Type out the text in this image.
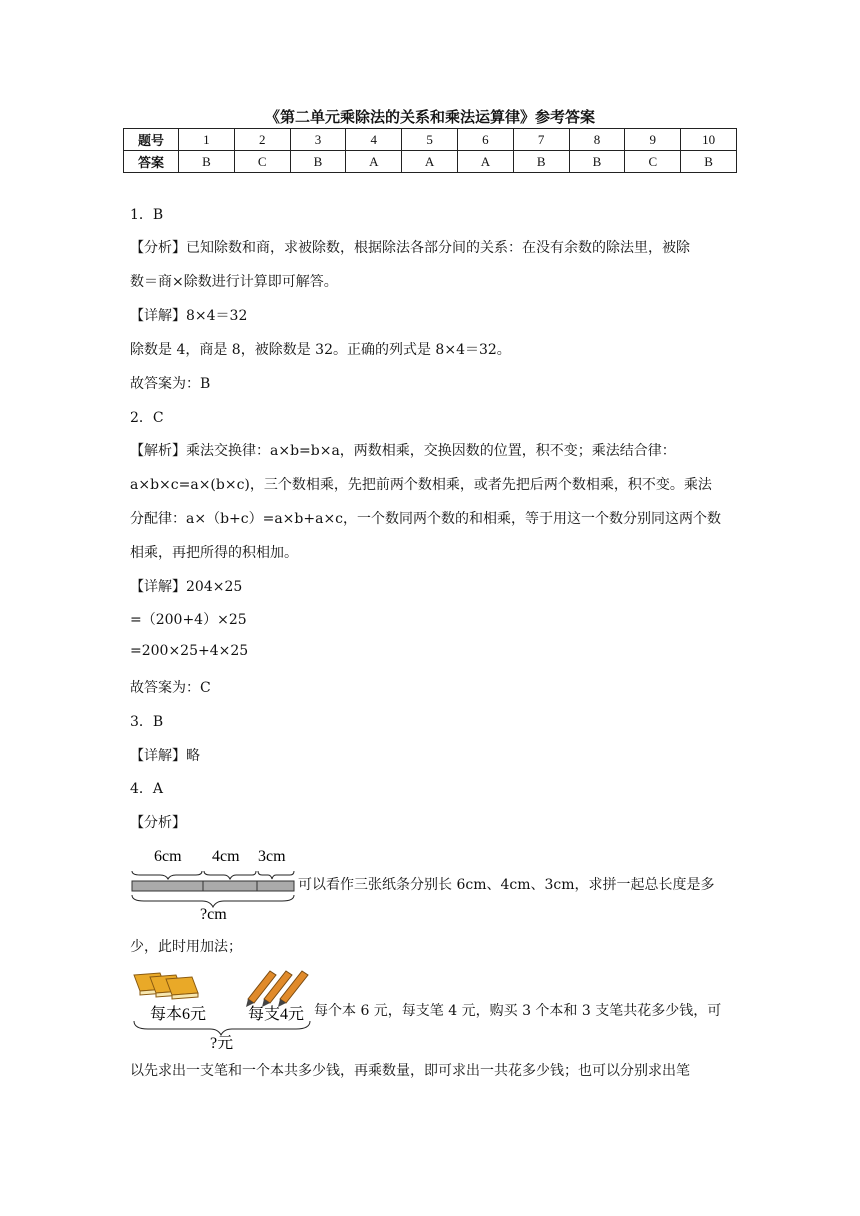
《第二单元乘除法的关系和乘法运算律》参考答案
题号	1	2	3	4	5	6	7	8	9	10
答案	B	C	B	A	A	A	B	B	C	B
1．B
【分析】已知除数和商，求被除数，根据除法各部分间的关系：在没有余数的除法里，被除
数＝商×除数进行计算即可解答。
【详解】8×4＝32
除数是 4，商是 8，被除数是 32。正确的列式是 8×4＝32。
故答案为：B
2．C
【解析】乘法交换律：a×b=b×a，两数相乘，交换因数的位置，积不变；乘法结合律：
a×b×c=a×(b×c)，三个数相乘，先把前两个数相乘，或者先把后两个数相乘，积不变。乘法
分配律：a×（b+c）=a×b+a×c，一个数同两个数的和相乘，等于用这一个数分别同这两个数
相乘，再把所得的积相加。
【详解】204×25
=（200+4）×25
=200×25+4×25
故答案为：C
3．B
【详解】略
4．A
【分析】
6cm 4cm 3cm
?cm
可以看作三张纸条分别长 6cm、4cm、3cm，求拼一起总长度是多
少，此时用加法；
每本6元	每支4元
?元
每个本 6 元，每支笔 4 元，购买 3 个本和 3 支笔共花多少钱，可
以先求出一支笔和一个本共多少钱，再乘数量，即可求出一共花多少钱；也可以分别求出笔
